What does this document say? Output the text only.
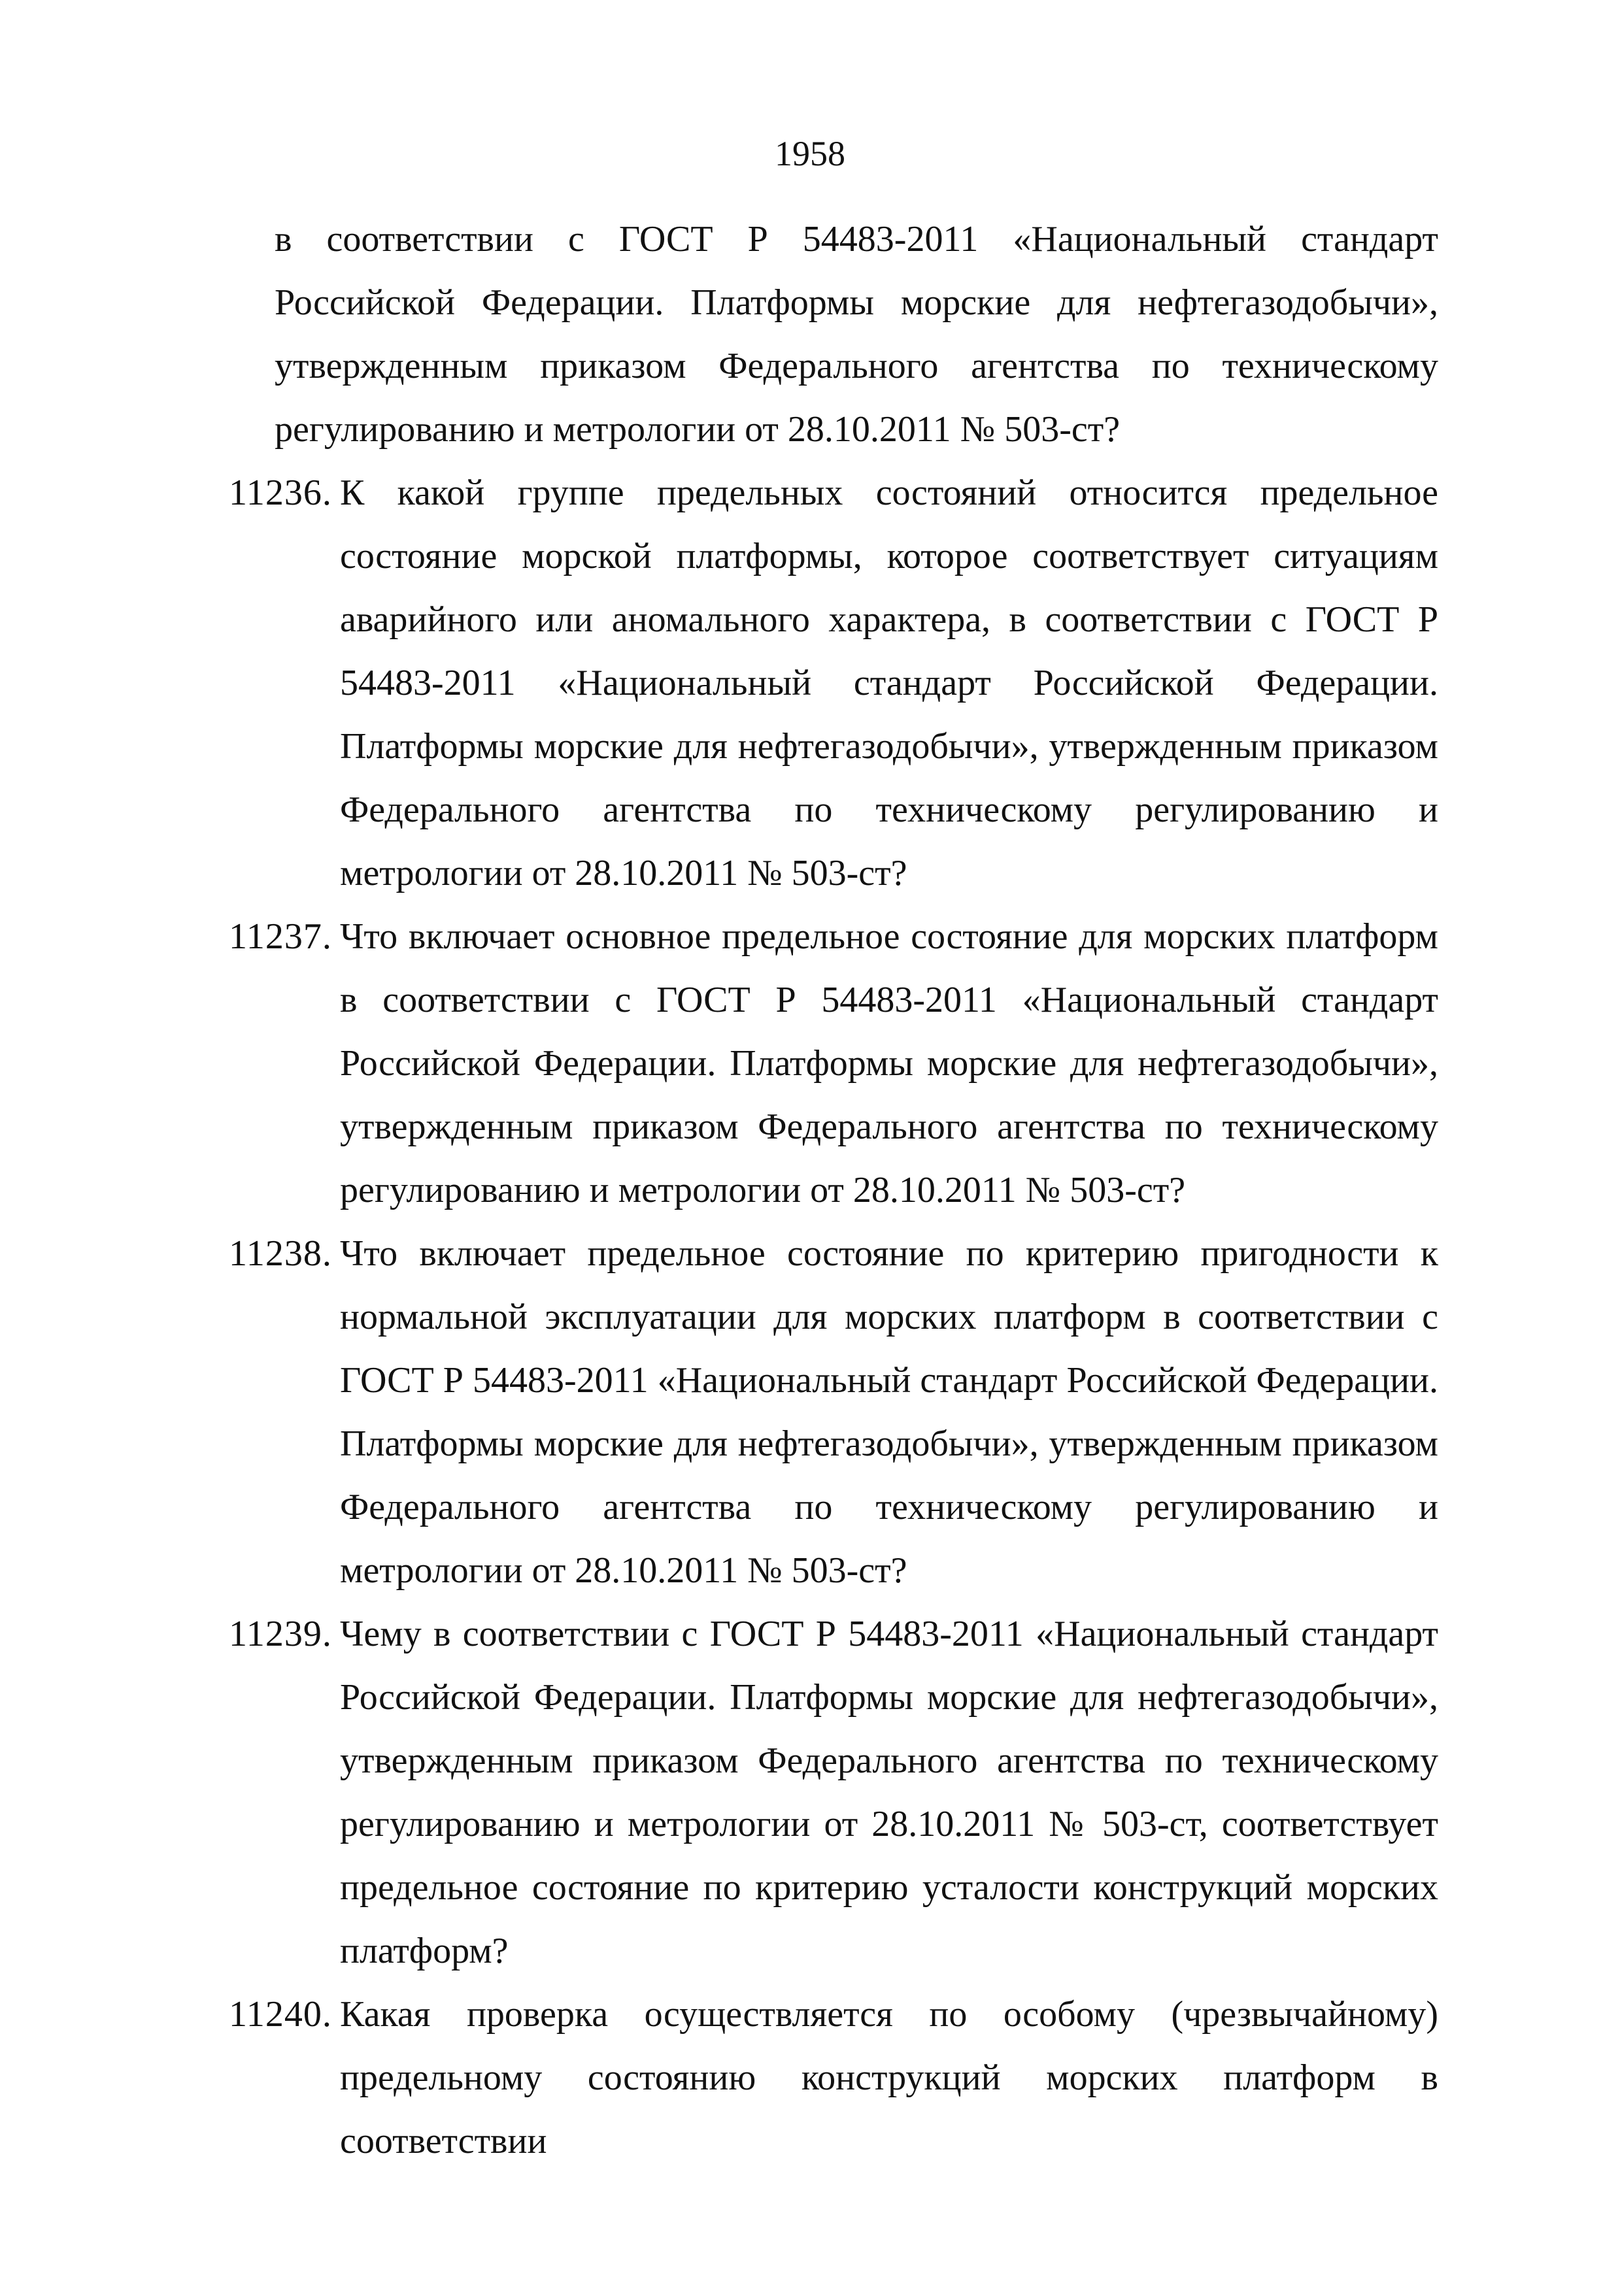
1958

в соответствии с ГОСТ Р 54483-2011 «Национальный стандарт Российской Федерации. Платформы морские для нефтегазодобычи», утвержденным приказом Федерального агентства по техническому регулированию и метрологии от 28.10.2011 № 503-ст?

11236. К какой группе предельных состояний относится предельное состояние морской платформы, которое соответствует ситуациям аварийного или аномального характера, в соответствии с ГОСТ Р 54483-2011 «Национальный стандарт Российской Федерации. Платформы морские для нефтегазодобычи», утвержденным приказом Федерального агентства по техническому регулированию и метрологии от 28.10.2011 № 503-ст?

11237. Что включает основное предельное состояние для морских платформ в соответствии с ГОСТ Р 54483-2011 «Национальный стандарт Российской Федерации. Платформы морские для нефтегазодобычи», утвержденным приказом Федерального агентства по техническому регулированию и метрологии от 28.10.2011 № 503-ст?

11238. Что включает предельное состояние по критерию пригодности к нормальной эксплуатации для морских платформ в соответствии с ГОСТ Р 54483-2011 «Национальный стандарт Российской Федерации. Платформы морские для нефтегазодобычи», утвержденным приказом Федерального агентства по техническому регулированию и метрологии от 28.10.2011 № 503-ст?

11239. Чему в соответствии с ГОСТ Р 54483-2011 «Национальный стандарт Российской Федерации. Платформы морские для нефтегазодобычи», утвержденным приказом Федерального агентства по техническому регулированию и метрологии от 28.10.2011 № 503-ст, соответствует предельное состояние по критерию усталости конструкций морских платформ?

11240. Какая проверка осуществляется по особому (чрезвычайному) предельному состоянию конструкций морских платформ в соответствии
